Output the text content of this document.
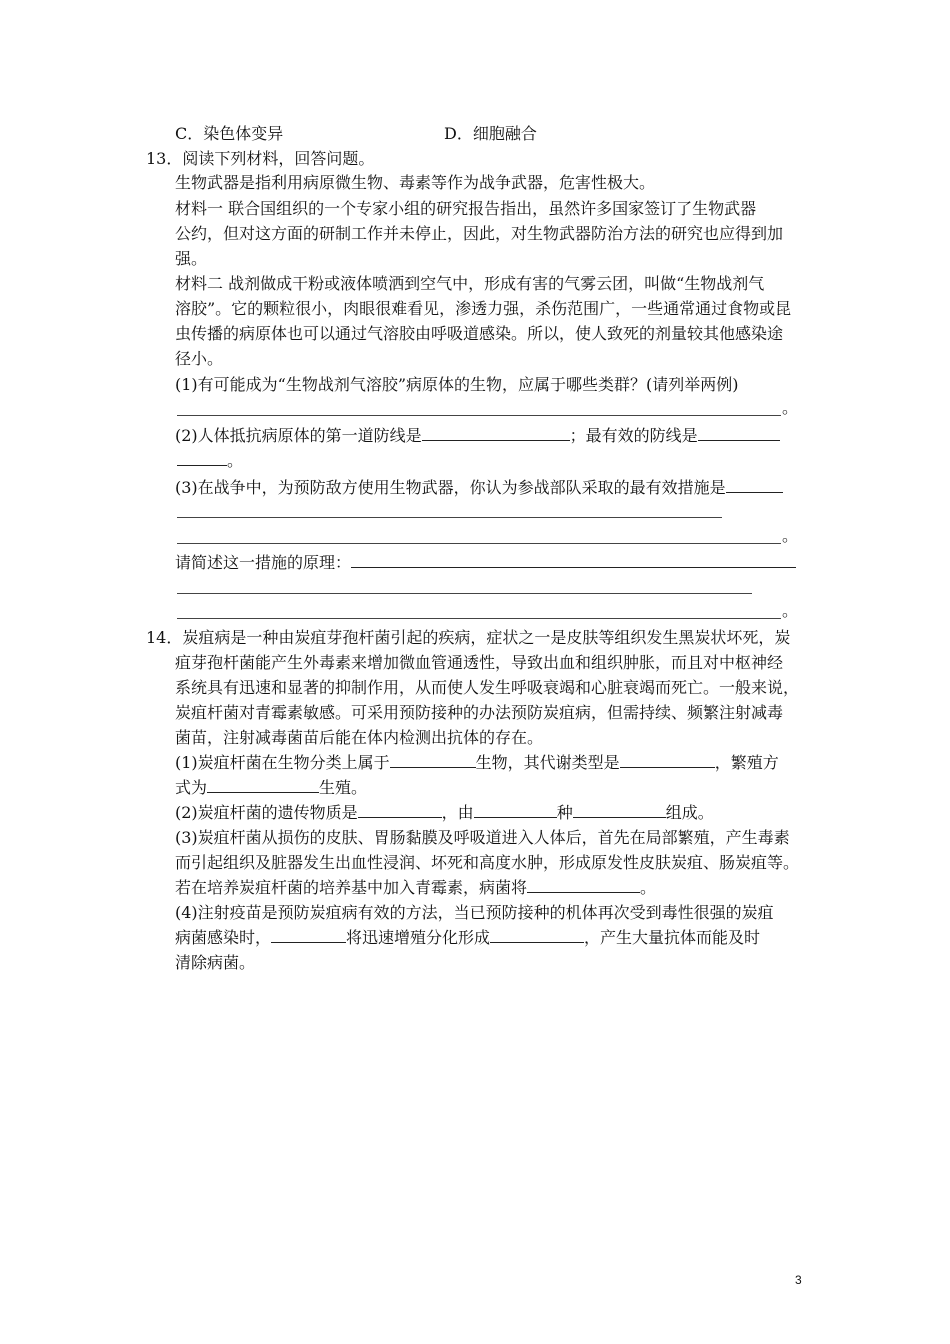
C．染色体变异	D．细胞融合
13．阅读下列材料，回答问题。
生物武器是指利用病原微生物、毒素等作为战争武器，危害性极大。
材料一 联合国组织的一个专家小组的研究报告指出，虽然许多国家签订了生物武器
公约，但对这方面的研制工作并未停止，因此，对生物武器防治方法的研究也应得到加
强。
材料二 战剂做成干粉或液体喷洒到空气中，形成有害的气雾云团，叫做“生物战剂气
溶胶”。它的颗粒很小，肉眼很难看见，渗透力强，杀伤范围广，一些通常通过食物或昆
虫传播的病原体也可以通过气溶胶由呼吸道感染。所以，使人致死的剂量较其他感染途
径小。
(1)有可能成为“生物战剂气溶胶”病原体的生物，应属于哪些类群？(请列举两例)
。
(2)人体抵抗病原体的第一道防线是	；最有效的防线是
。
(3)在战争中，为预防敌方使用生物武器，你认为参战部队采取的最有效措施是
。
请简述这一措施的原理：
。
14．炭疽病是一种由炭疽芽孢杆菌引起的疾病，症状之一是皮肤等组织发生黑炭状坏死，炭
疽芽孢杆菌能产生外毒素来增加微血管通透性，导致出血和组织肿胀，而且对中枢神经
系统具有迅速和显著的抑制作用，从而使人发生呼吸衰竭和心脏衰竭而死亡。一般来说，
炭疽杆菌对青霉素敏感。可采用预防接种的办法预防炭疽病，但需持续、频繁注射减毒
菌苗，注射减毒菌苗后能在体内检测出抗体的存在。
(1)炭疽杆菌在生物分类上属于	生物，其代谢类型是	，繁殖方
式为	生殖。
(2)炭疽杆菌的遗传物质是	，由	种	组成。
(3)炭疽杆菌从损伤的皮肤、胃肠黏膜及呼吸道进入人体后，首先在局部繁殖，产生毒素
而引起组织及脏器发生出血性浸润、坏死和高度水肿，形成原发性皮肤炭疽、肠炭疽等。
若在培养炭疽杆菌的培养基中加入青霉素，病菌将	。
(4)注射疫苗是预防炭疽病有效的方法，当已预防接种的机体再次受到毒性很强的炭疽
病菌感染时，	将迅速增殖分化形成	，产生大量抗体而能及时
清除病菌。
3
